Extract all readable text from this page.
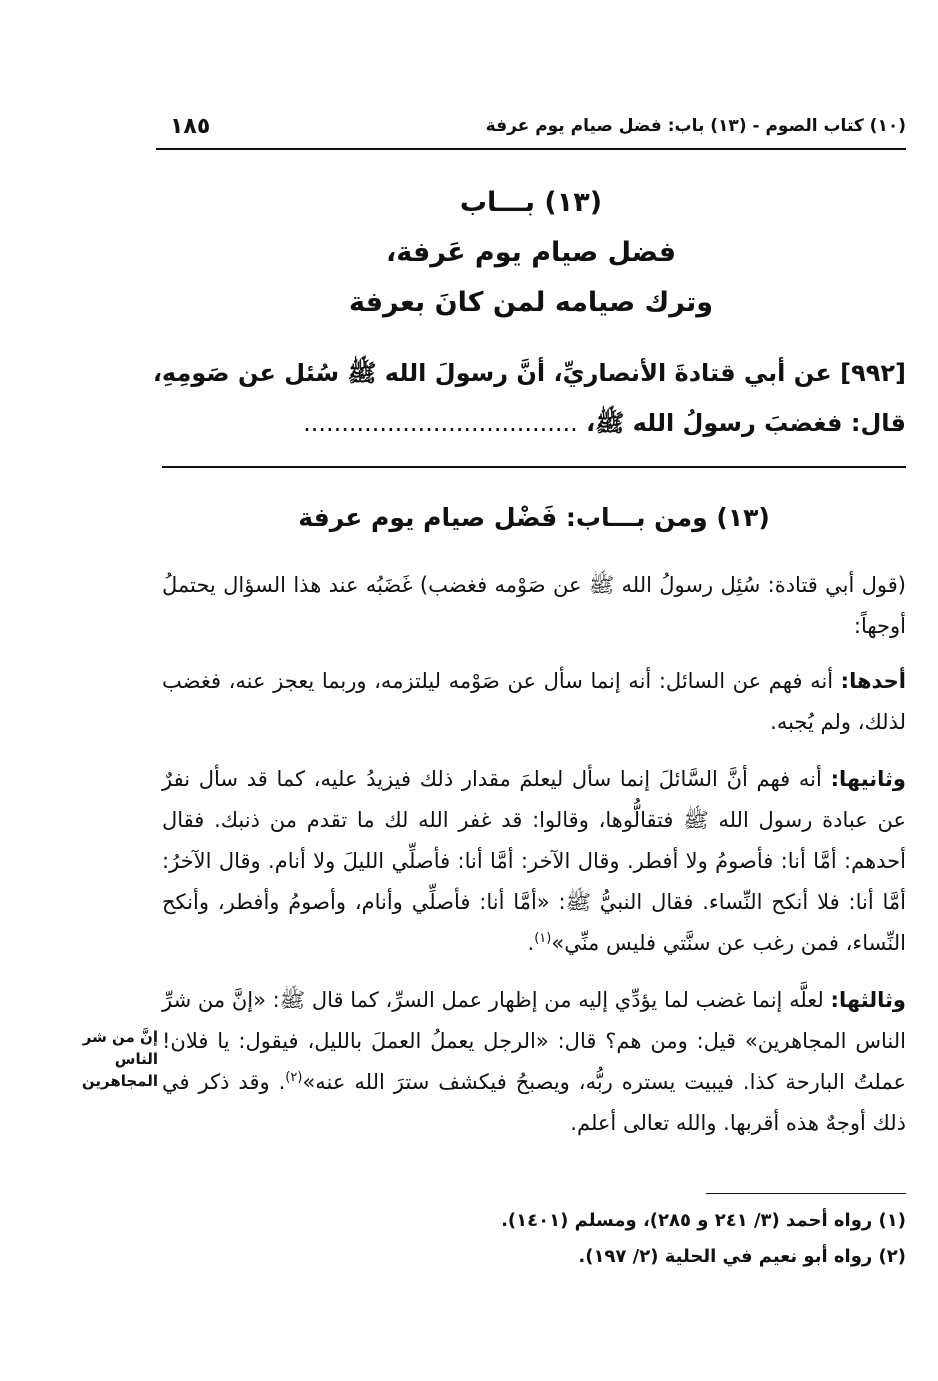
(١٠) كتاب الصوم - (١٣) باب: فضل صيام يوم عرفة
١٨٥
(١٣) بـــاب
فضل صيام يوم عَرفة،
وترك صيامه لمن كانَ بعرفة

[٩٩٢] عن أبي قتادةَ الأنصاريِّ، أنَّ رسولَ الله ﷺ سُئل عن صَومِهِ،

قال: فغضبَ رسولُ الله ﷺ، ....................................

(١٣) ومن بـــاب: فَضْل صيام يوم عرفة

(قول أبي قتادة: سُئِل رسولُ الله ﷺ عن صَوْمه فغضب) غَضَبُه عند هذا السؤال يحتملُ أوجهاً:

أحدها: أنه فهم عن السائل: أنه إنما سأل عن صَوْمه ليلتزمه، وربما يعجز عنه، فغضب لذلك، ولم يُجبه.

وثانيها: أنه فهم أنَّ السَّائلَ إنما سأل ليعلمَ مقدار ذلك فيزيدُ عليه، كما قد سأل نفرٌ عن عبادة رسول الله ﷺ فتقالُّوها، وقالوا: قد غفر الله لك ما تقدم من ذنبك. فقال أحدهم: أمَّا أنا: فأصومُ ولا أفطر. وقال الآخر: أمَّا أنا: فأصلِّي الليلَ ولا أنام. وقال الآخرُ: أمَّا أنا: فلا أنكح النِّساء. فقال النبيُّ ﷺ: «أمَّا أنا: فأصلِّي وأنام، وأصومُ وأفطر، وأنكح النِّساء، فمن رغب عن سنَّتي فليس منِّي»$^{(١)}$.

وثالثها: لعلَّه إنما غضب لما يؤدِّي إليه من إظهار عمل السرِّ، كما قال ﷺ: «إنَّ من شرِّ الناس المجاهرين» قيل: ومن هم؟ قال: «الرجل يعملُ العملَ بالليل، فيقول: يا فلان! عملتُ البارحة كذا. فيبيت يستره ربُّه، ويصبحُ فيكشف سترَ الله عنه»$^{(٢)}$. وقد ذكر في ذلك أوجهٌ هذه أقربها. والله تعالى أعلم.

إنَّ من شر الناس المجاهرين
(١) رواه أحمد (٣/ ٢٤١ و ٢٨٥)، ومسلم (١٤٠١).
(٢) رواه أبو نعيم في الحلية (٢/ ١٩٧).
